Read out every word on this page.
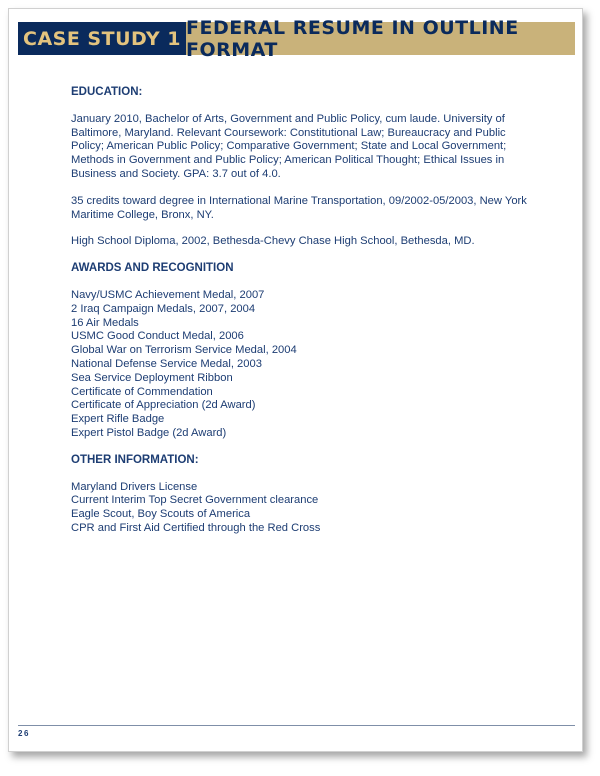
CASE STUDY 1 FEDERAL RESUME IN OUTLINE FORMAT
EDUCATION:
January 2010, Bachelor of Arts, Government and Public Policy, cum laude. University of Baltimore, Maryland. Relevant Coursework: Constitutional Law; Bureaucracy and Public Policy; American Public Policy; Comparative Government; State and Local Government; Methods in Government and Public Policy; American Political Thought; Ethical Issues in Business and Society. GPA: 3.7 out of 4.0.
35 credits toward degree in International Marine Transportation, 09/2002-05/2003, New York Maritime College, Bronx, NY.
High School Diploma, 2002, Bethesda-Chevy Chase High School, Bethesda, MD.
AWARDS AND RECOGNITION
Navy/USMC Achievement Medal, 2007
2 Iraq Campaign Medals, 2007, 2004
16 Air Medals
USMC Good Conduct Medal, 2006
Global War on Terrorism Service Medal, 2004
National Defense Service Medal, 2003
Sea Service Deployment Ribbon
Certificate of Commendation
Certificate of Appreciation (2d Award)
Expert Rifle Badge
Expert Pistol Badge (2d Award)
OTHER INFORMATION:
Maryland Drivers License
Current Interim Top Secret Government clearance
Eagle Scout, Boy Scouts of America
CPR and First Aid Certified through the Red Cross
26
